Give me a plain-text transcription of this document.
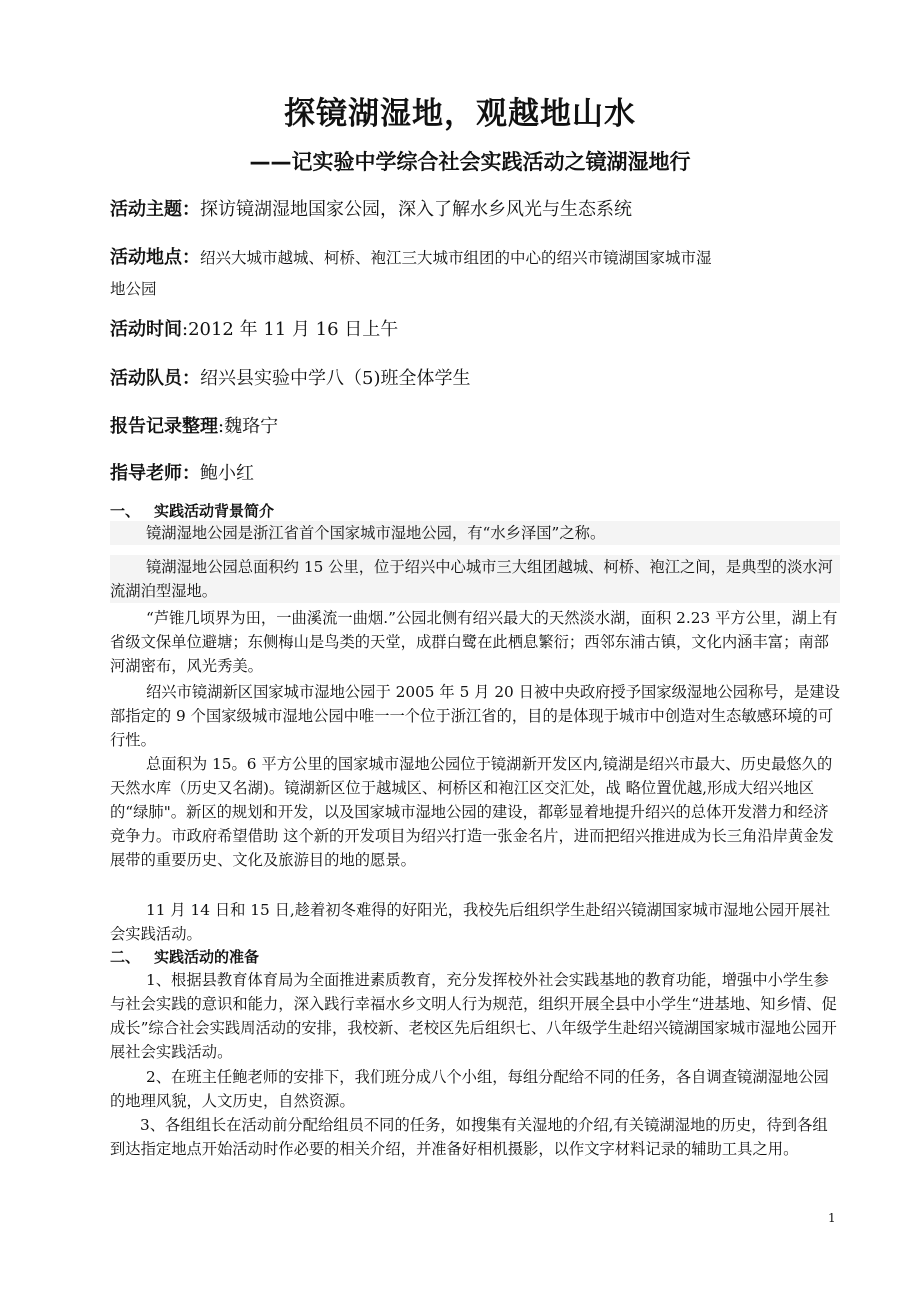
探镜湖湿地，观越地山水
——记实验中学综合社会实践活动之镜湖湿地行
活动主题：探访镜湖湿地国家公园，深入了解水乡风光与生态系统
活动地点：绍兴大城市越城、柯桥、袍江三大城市组团的中心的绍兴市镜湖国家城市湿
地公园
活动时间:2012 年 11 月 16 日上午
活动队员：绍兴县实验中学八（5)班全体学生
报告记录整理:魏珞宁
指导老师：鲍小红
一、 实践活动背景简介

镜湖湿地公园是浙江省首个国家城市湿地公园，有“水乡泽国”之称。

镜湖湿地公园总面积约 15 公里，位于绍兴中心城市三大组团越城、柯桥、袍江之间，是典型的淡水河流湖泊型湿地。

“芦锥几顷界为田，一曲溪流一曲烟.”公园北侧有绍兴最大的天然淡水湖，面积 2.23 平方公里，湖上有省级文保单位避塘；东侧梅山是鸟类的天堂，成群白鹭在此栖息繁衍；西邻东浦古镇，文化内涵丰富；南部河湖密布，风光秀美。

绍兴市镜湖新区国家城市湿地公园于 2005 年 5 月 20 日被中央政府授予国家级湿地公园称号，是建设部指定的 9 个国家级城市湿地公园中唯一一个位于浙江省的，目的是体现于城市中创造对生态敏感环境的可行性。

总面积为 15。6 平方公里的国家城市湿地公园位于镜湖新开发区内,镜湖是绍兴市最大、历史最悠久的天然水库（历史又名湖)。镜湖新区位于越城区、柯桥区和袍江区交汇处，战 略位置优越,形成大绍兴地区的“绿肺"。新区的规划和开发，以及国家城市湿地公园的建设，都彰显着地提升绍兴的总体开发潜力和经济竞争力。市政府希望借助 这个新的开发项目为绍兴打造一张金名片，进而把绍兴推进成为长三角沿岸黄金发展带的重要历史、文化及旅游目的地的愿景。

11 月 14 日和 15 日,趁着初冬难得的好阳光，我校先后组织学生赴绍兴镜湖国家城市湿地公园开展社会实践活动。

二、 实践活动的准备

1、根据县教育体育局为全面推进素质教育，充分发挥校外社会实践基地的教育功能，增强中小学生参与社会实践的意识和能力，深入践行幸福水乡文明人行为规范，组织开展全县中小学生“进基地、知乡情、促成长”综合社会实践周活动的安排，我校新、老校区先后组织七、八年级学生赴绍兴镜湖国家城市湿地公园开展社会实践活动。

2、在班主任鲍老师的安排下，我们班分成八个小组，每组分配给不同的任务，各自调查镜湖湿地公园的地理风貌，人文历史，自然资源。

3、各组组长在活动前分配给组员不同的任务，如搜集有关湿地的介绍,有关镜湖湿地的历史，待到各组到达指定地点开始活动时作必要的相关介绍，并准备好相机摄影，以作文字材料记录的辅助工具之用。

1
